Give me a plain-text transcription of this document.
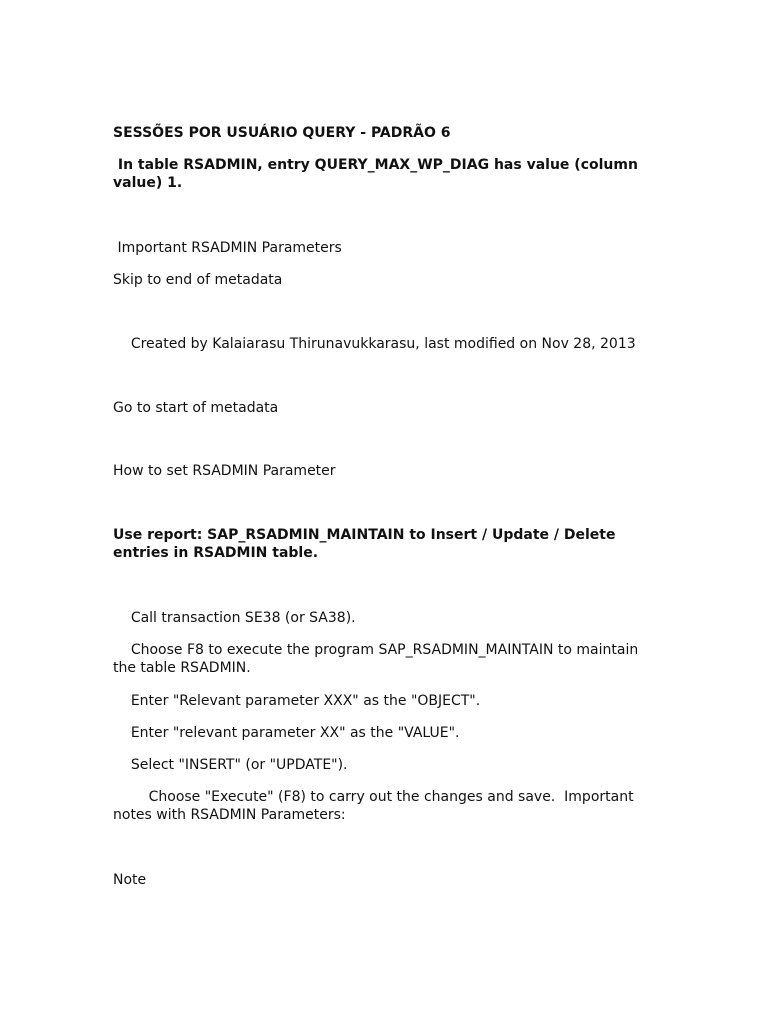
SESSÕES POR USUÁRIO QUERY - PADRÃO 6

In table RSADMIN, entry QUERY_MAX_WP_DIAG has value (column value) 1.

Important RSADMIN Parameters

Skip to end of metadata

Created by Kalaiarasu Thirunavukkarasu, last modified on Nov 28, 2013

Go to start of metadata

How to set RSADMIN Parameter

Use report: SAP_RSADMIN_MAINTAIN to Insert / Update / Delete entries in RSADMIN table.

Call transaction SE38 (or SA38).

Choose F8 to execute the program SAP_RSADMIN_MAINTAIN to maintain the table RSADMIN.

Enter "Relevant parameter XXX" as the "OBJECT".

Enter "relevant parameter XX" as the "VALUE".

Select "INSERT" (or "UPDATE").

Choose "Execute" (F8) to carry out the changes and save.  Important notes with RSADMIN Parameters:

Note
